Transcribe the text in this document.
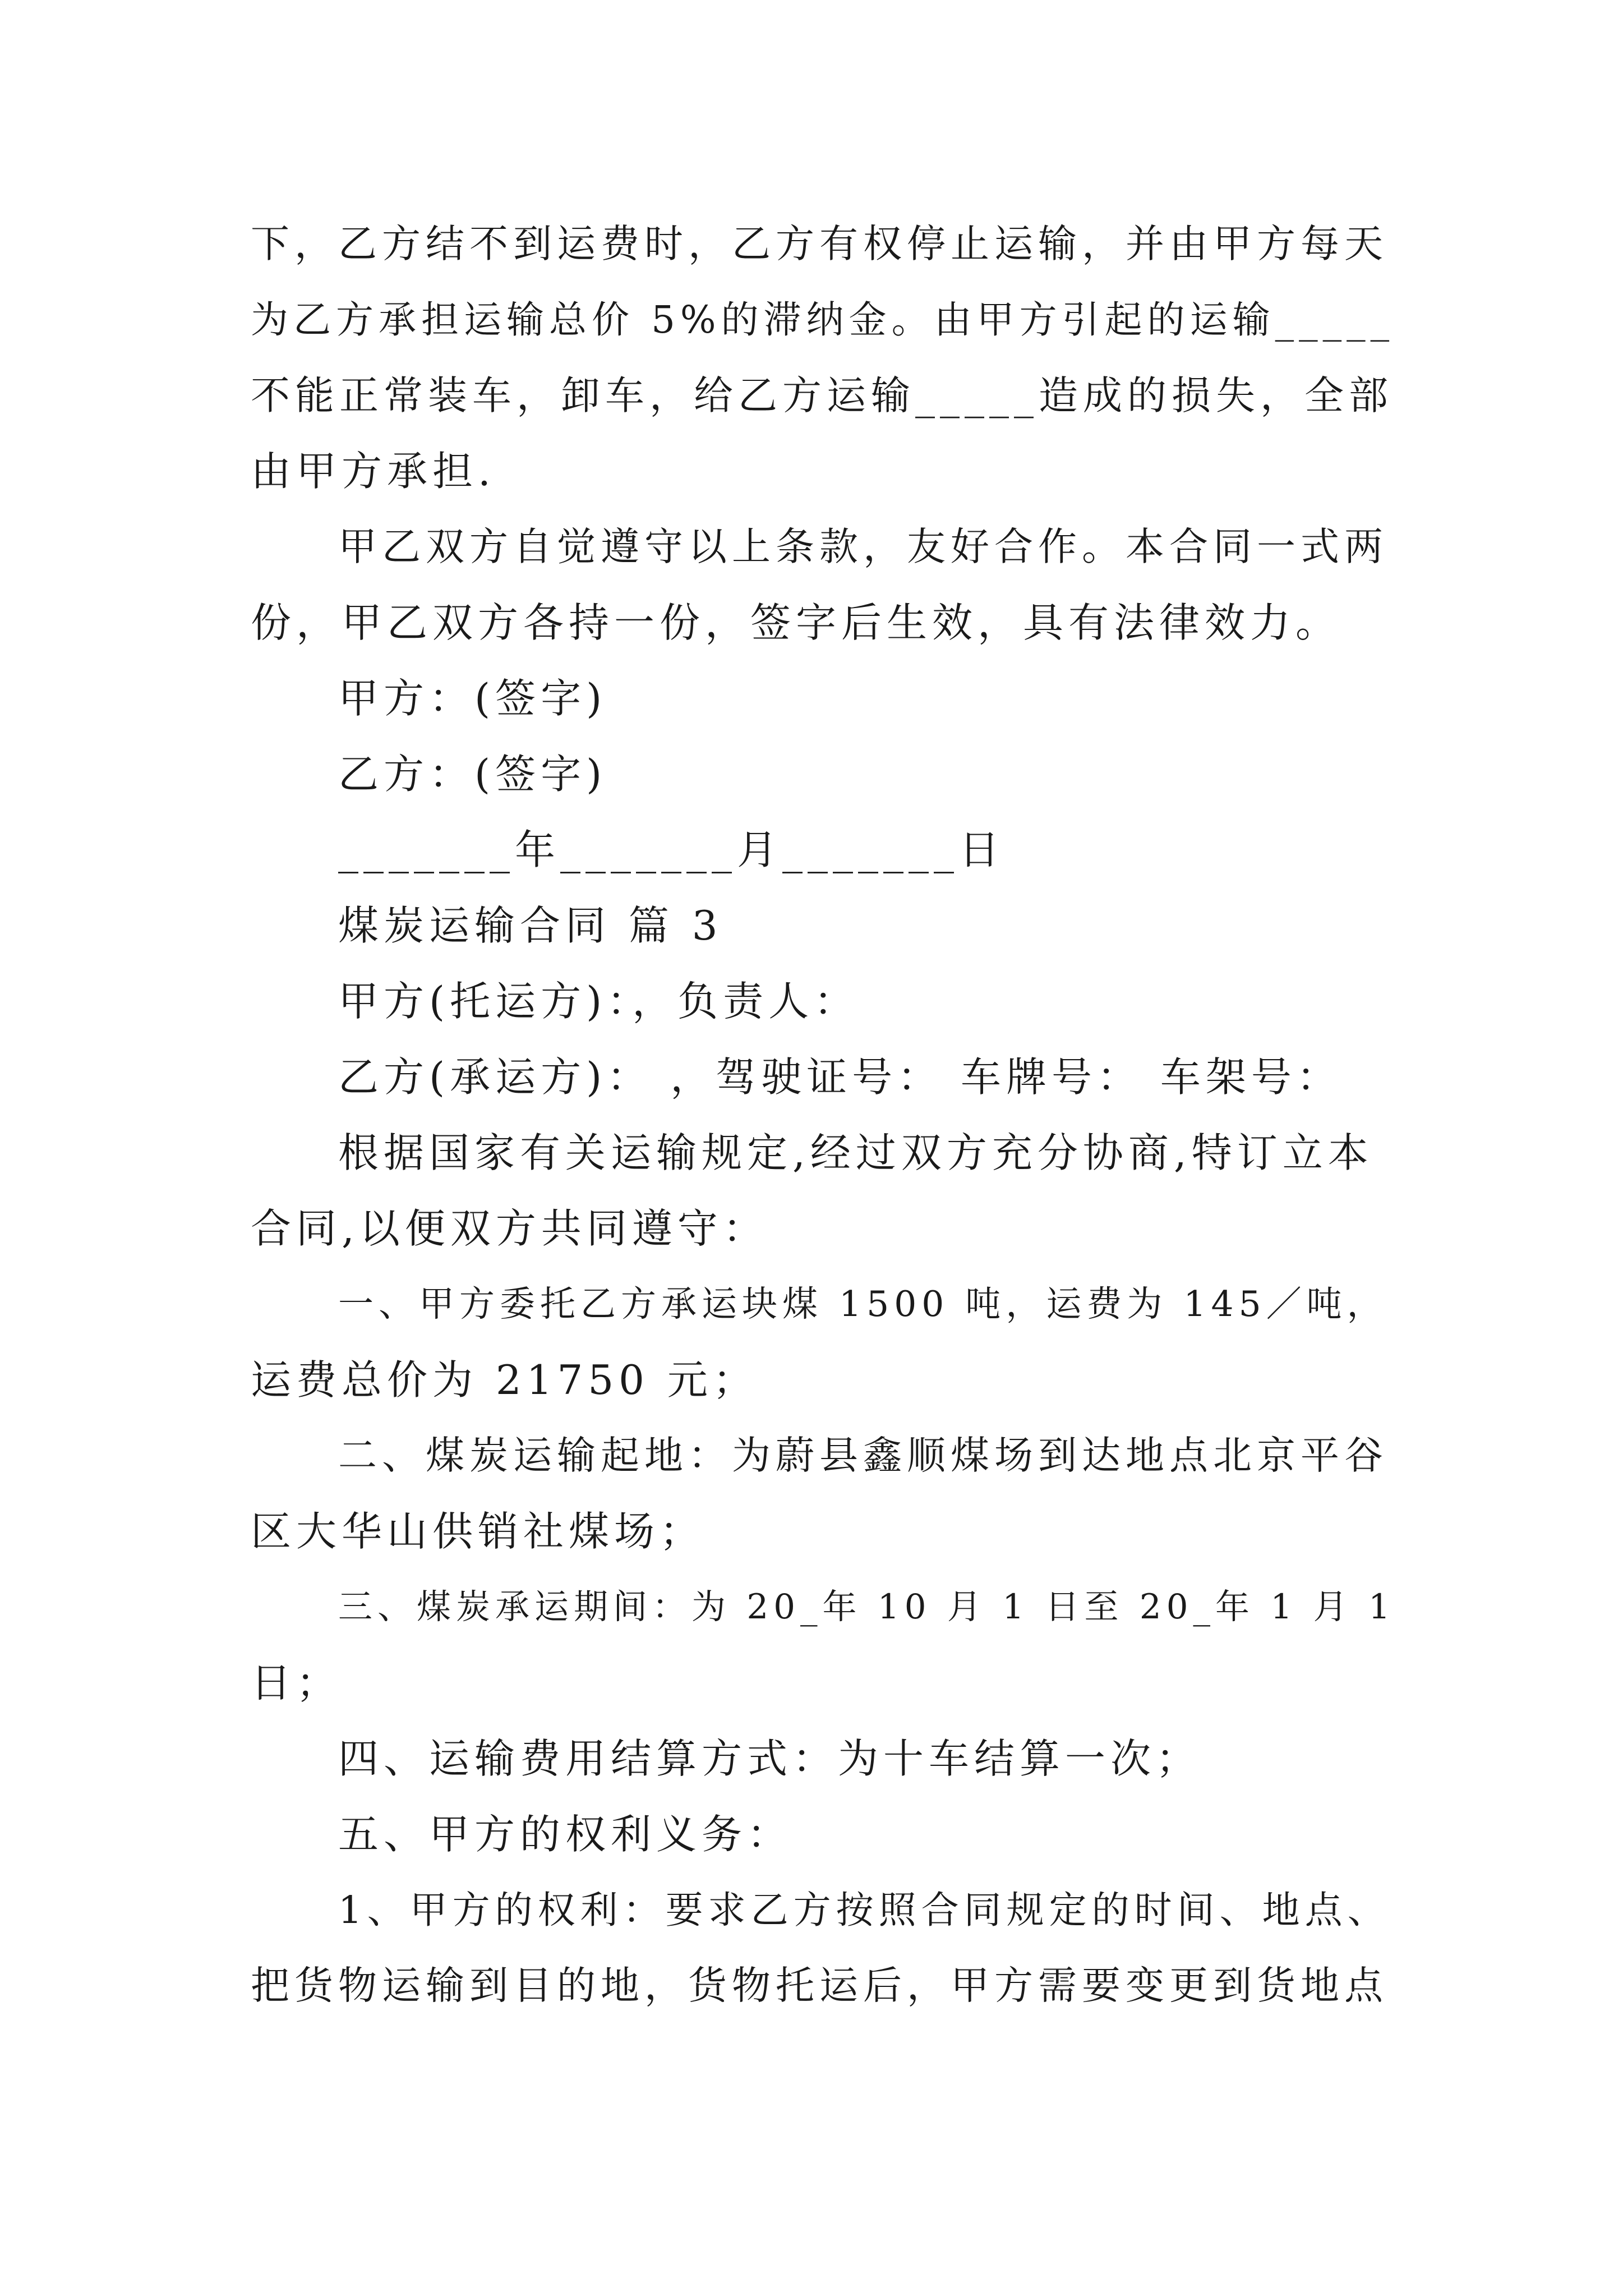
下，乙方结不到运费时，乙方有权停止运输，并由甲方每天
为乙方承担运输总价 5%的滞纳金。由甲方引起的运输_____
不能正常装车，卸车，给乙方运输_____造成的损失，全部
由甲方承担.
甲乙双方自觉遵守以上条款，友好合作。本合同一式两
份，甲乙双方各持一份，签字后生效，具有法律效力。
甲方：(签字)
乙方：(签字)
_______年_______月_______日
煤炭运输合同 篇 3
甲方(托运方)：，负责人：
乙方(承运方)： ，驾驶证号： 车牌号： 车架号：
根据国家有关运输规定,经过双方充分协商,特订立本
合同,以便双方共同遵守：
一、甲方委托乙方承运块煤 1500 吨，运费为 145／吨，
运费总价为 21750 元；
二、煤炭运输起地：为蔚县鑫顺煤场到达地点北京平谷
区大华山供销社煤场；
三、煤炭承运期间：为 20_年 10 月 1 日至 20_年 1 月 1
日；
四、运输费用结算方式：为十车结算一次；
五、甲方的权利义务：
1、甲方的权利：要求乙方按照合同规定的时间、地点、
把货物运输到目的地，货物托运后，甲方需要变更到货地点
